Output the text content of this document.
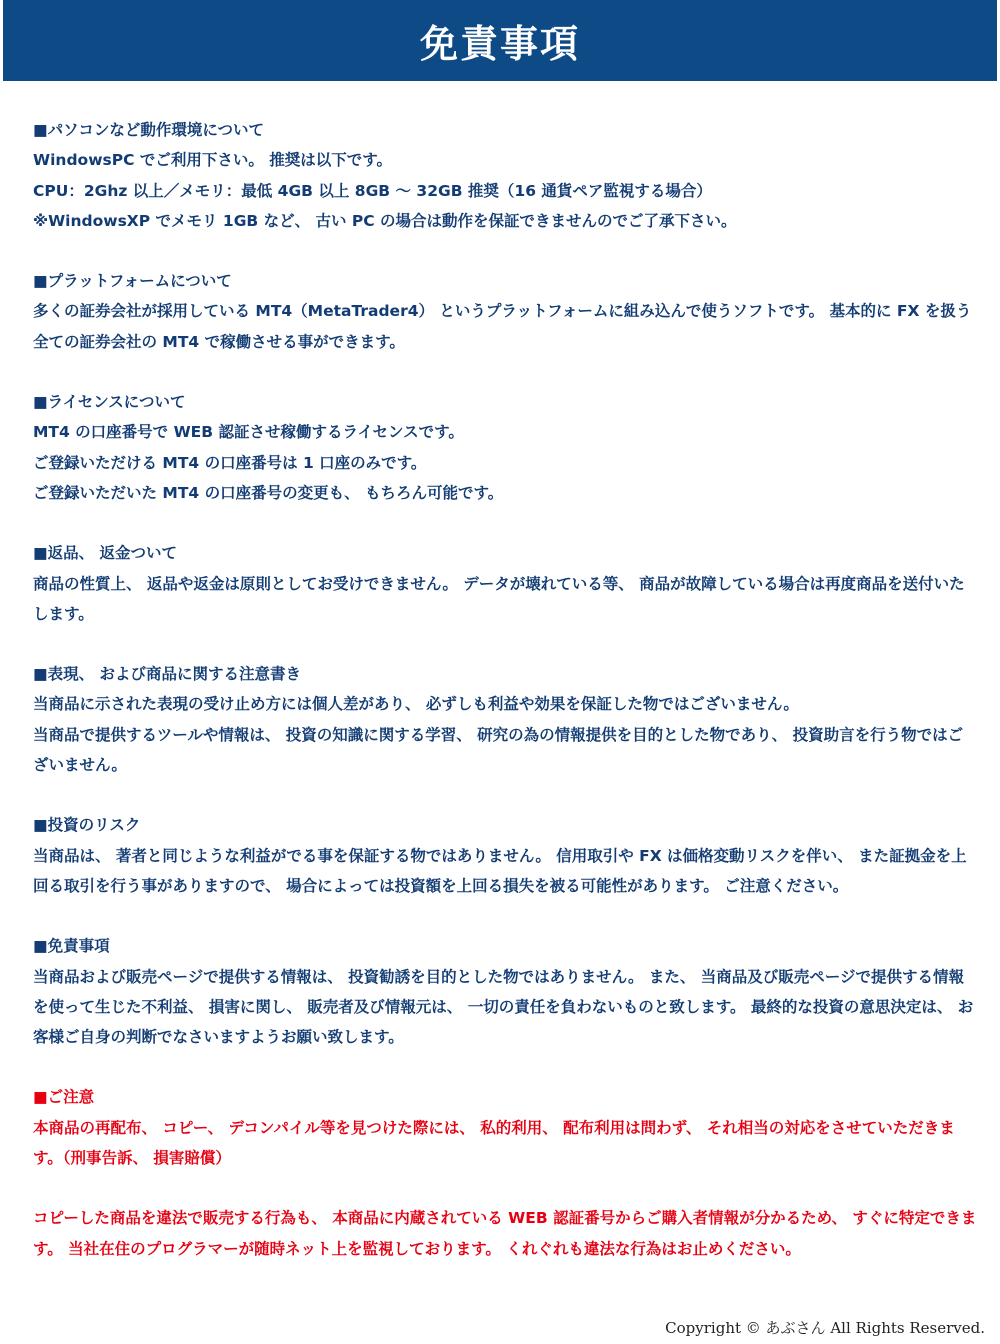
免責事項

■パソコンなど動作環境について

WindowsPC でご利用下さい。 推奨は以下です。

CPU：2Ghz 以上／メモリ：最低 4GB 以上 8GB ～ 32GB 推奨（16 通貨ペア監視する場合）

※WindowsXP でメモリ 1GB など、 古い PC の場合は動作を保証できませんのでご了承下さい。

■プラットフォームについて

多くの証券会社が採用している MT4（MetaTrader4） というプラットフォームに組み込んで使うソフトです。 基本的に FX を扱う全ての証券会社の MT4 で稼働させる事ができます。

■ライセンスについて

MT4 の口座番号で WEB 認証させ稼働するライセンスです。

ご登録いただける MT4 の口座番号は 1 口座のみです。

ご登録いただいた MT4 の口座番号の変更も、 もちろん可能です。

■返品、 返金ついて

商品の性質上、 返品や返金は原則としてお受けできません。 データが壊れている等、 商品が故障している場合は再度商品を送付いたします。

■表現、 および商品に関する注意書き

当商品に示された表現の受け止め方には個人差があり、 必ずしも利益や効果を保証した物ではございません。

当商品で提供するツールや情報は、 投資の知識に関する学習、 研究の為の情報提供を目的とした物であり、 投資助言を行う物ではございません。

■投資のリスク

当商品は、 著者と同じような利益がでる事を保証する物ではありません。 信用取引や FX は価格変動リスクを伴い、 また証拠金を上回る取引を行う事がありますので、 場合によっては投資額を上回る損失を被る可能性があります。 ご注意ください。

■免責事項

当商品および販売ページで提供する情報は、 投資勧誘を目的とした物ではありません。 また、 当商品及び販売ページで提供する情報を使って生じた不利益、 損害に関し、 販売者及び情報元は、 一切の責任を負わないものと致します。 最終的な投資の意思決定は、 お客様ご自身の判断でなさいますようお願い致します。

■ご注意

本商品の再配布、 コピー、 デコンパイル等を見つけた際には、 私的利用、 配布利用は問わず、 それ相当の対応をさせていただきます。（刑事告訴、 損害賠償）

コピーした商品を違法で販売する行為も、 本商品に内蔵されている WEB 認証番号からご購入者情報が分かるため、 すぐに特定できます。 当社在住のプログラマーが随時ネット上を監視しております。 くれぐれも違法な行為はお止めください。

Copyright © あぶさん All Rights Reserved.
